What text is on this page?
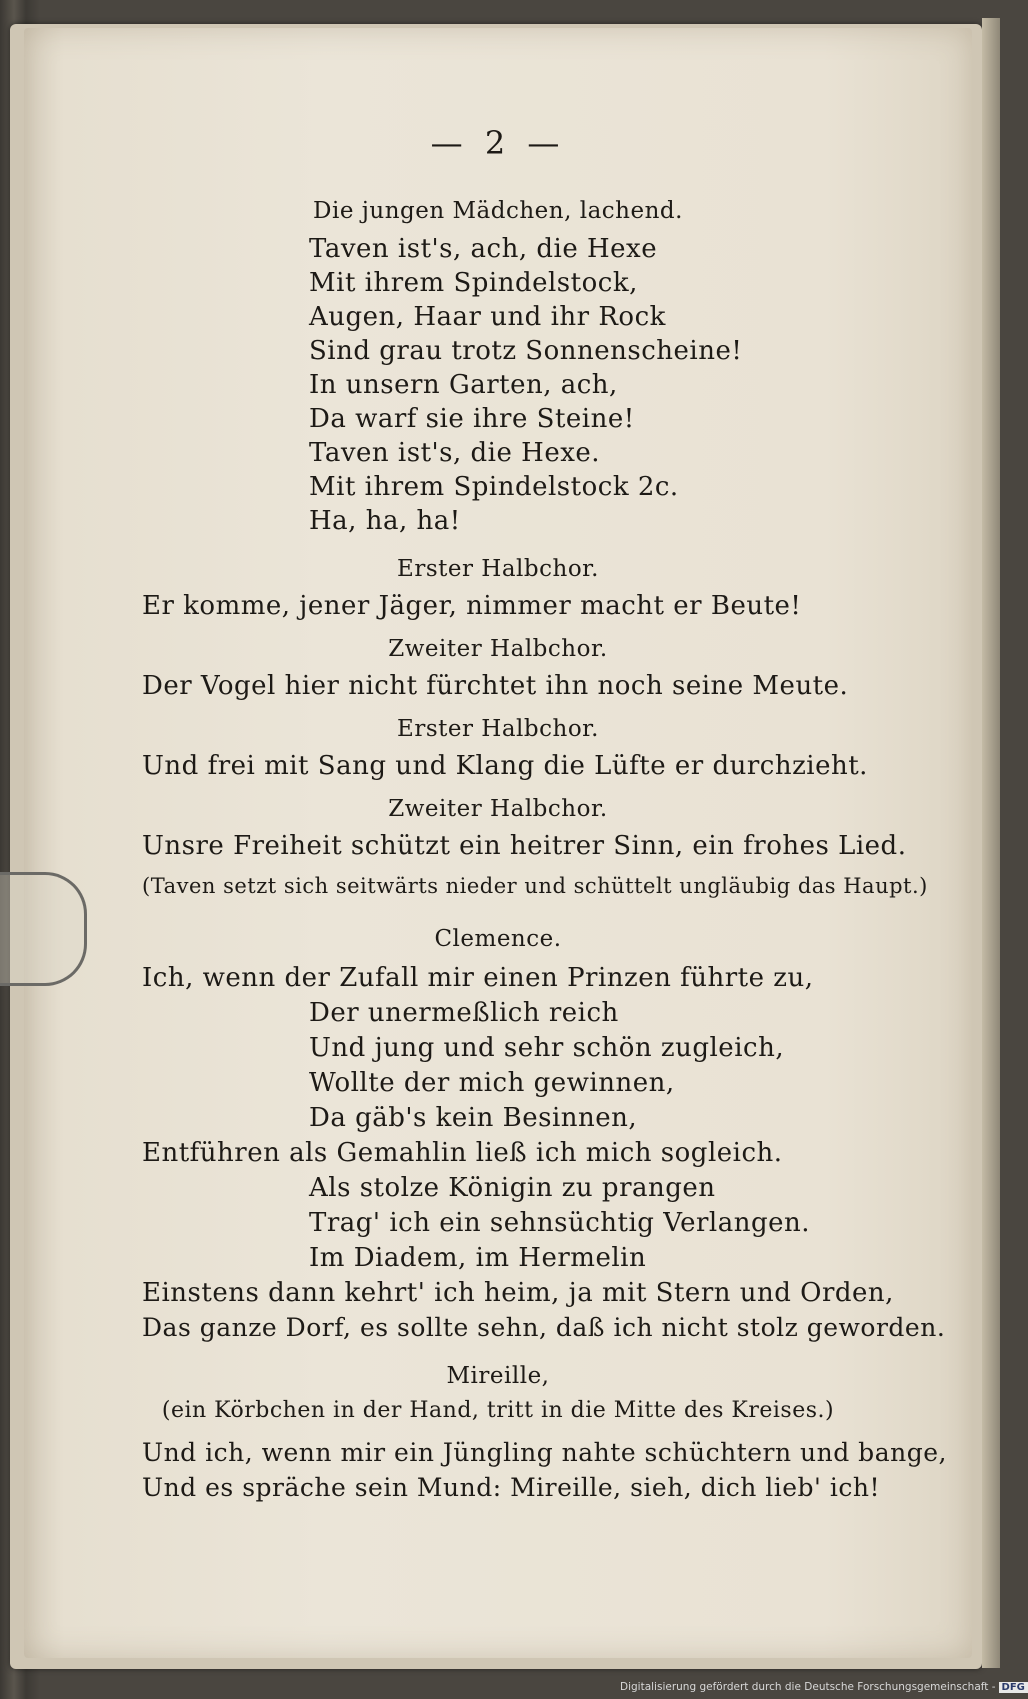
— 2 —
Die jungen Mädchen, lachend.
Taven ist's, ach, die Hexe
Mit ihrem Spindelstock,
Augen, Haar und ihr Rock
Sind grau trotz Sonnenscheine!
In unsern Garten, ach,
Da warf sie ihre Steine!
Taven ist's, die Hexe.
Mit ihrem Spindelstock 2c.
Ha, ha, ha!
Erster Halbchor.
Er komme, jener Jäger, nimmer macht er Beute!
Zweiter Halbchor.
Der Vogel hier nicht fürchtet ihn noch seine Meute.
Erster Halbchor.
Und frei mit Sang und Klang die Lüfte er durchzieht.
Zweiter Halbchor.
Unsre Freiheit schützt ein heitrer Sinn, ein frohes Lied.
(Taven setzt sich seitwärts nieder und schüttelt ungläubig das Haupt.)
Clemence.
Ich, wenn der Zufall mir einen Prinzen führte zu,
Der unermeßlich reich
Und jung und sehr schön zugleich,
Wollte der mich gewinnen,
Da gäb's kein Besinnen,
Entführen als Gemahlin ließ ich mich sogleich.
Als stolze Königin zu prangen
Trag' ich ein sehnsüchtig Verlangen.
Im Diadem, im Hermelin
Einstens dann kehrt' ich heim, ja mit Stern und Orden,
Das ganze Dorf, es sollte sehn, daß ich nicht stolz geworden.
Mireille,
(ein Körbchen in der Hand, tritt in die Mitte des Kreises.)
Und ich, wenn mir ein Jüngling nahte schüchtern und bange,
Und es spräche sein Mund: Mireille, sieh, dich lieb' ich!
Digitalisierung gefördert durch die Deutsche Forschungsgemeinschaft - DFG
